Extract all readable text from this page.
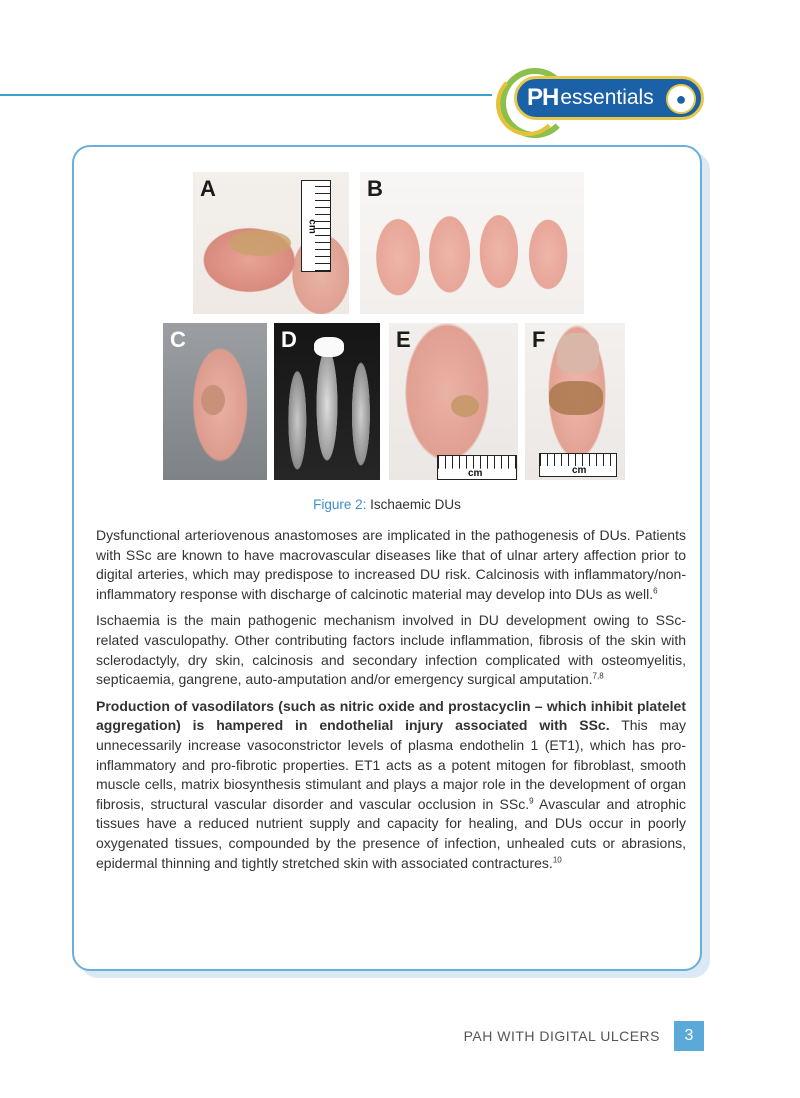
PH essentials	●
A
cm
B
C	D	E
cm
F
cm
Figure 2: Ischaemic DUs

Dysfunctional arteriovenous anastomoses are implicated in the pathogenesis of DUs. Patients with SSc are known to have macrovascular diseases like that of ulnar artery affection prior to digital arteries, which may predispose to increased DU risk. Calcinosis with inflammatory/non-inflammatory response with discharge of calcinotic material may develop into DUs as well.$^6$

Ischaemia is the main pathogenic mechanism involved in DU development owing to SSc-related vasculopathy. Other contributing factors include inflammation, fibrosis of the skin with sclerodactyly, dry skin, calcinosis and secondary infection complicated with osteomyelitis, septicaemia, gangrene, auto-amputation and/or emergency surgical amputation.$^{7,8}$

Production of vasodilators (such as nitric oxide and prostacyclin – which inhibit platelet aggregation) is hampered in endothelial injury associated with SSc. This may unnecessarily increase vasoconstrictor levels of plasma endothelin 1 (ET1), which has pro-inflammatory and pro-fibrotic properties. ET1 acts as a potent mitogen for fibroblast, smooth muscle cells, matrix biosynthesis stimulant and plays a major role in the development of organ fibrosis, structural vascular disorder and vascular occlusion in SSc.$^9$ Avascular and atrophic tissues have a reduced nutrient supply and capacity for healing, and DUs occur in poorly oxygenated tissues, compounded by the presence of infection, unhealed cuts or abrasions, epidermal thinning and tightly stretched skin with associated contractures.$^{10}$

PAH WITH DIGITAL ULCERS	3
